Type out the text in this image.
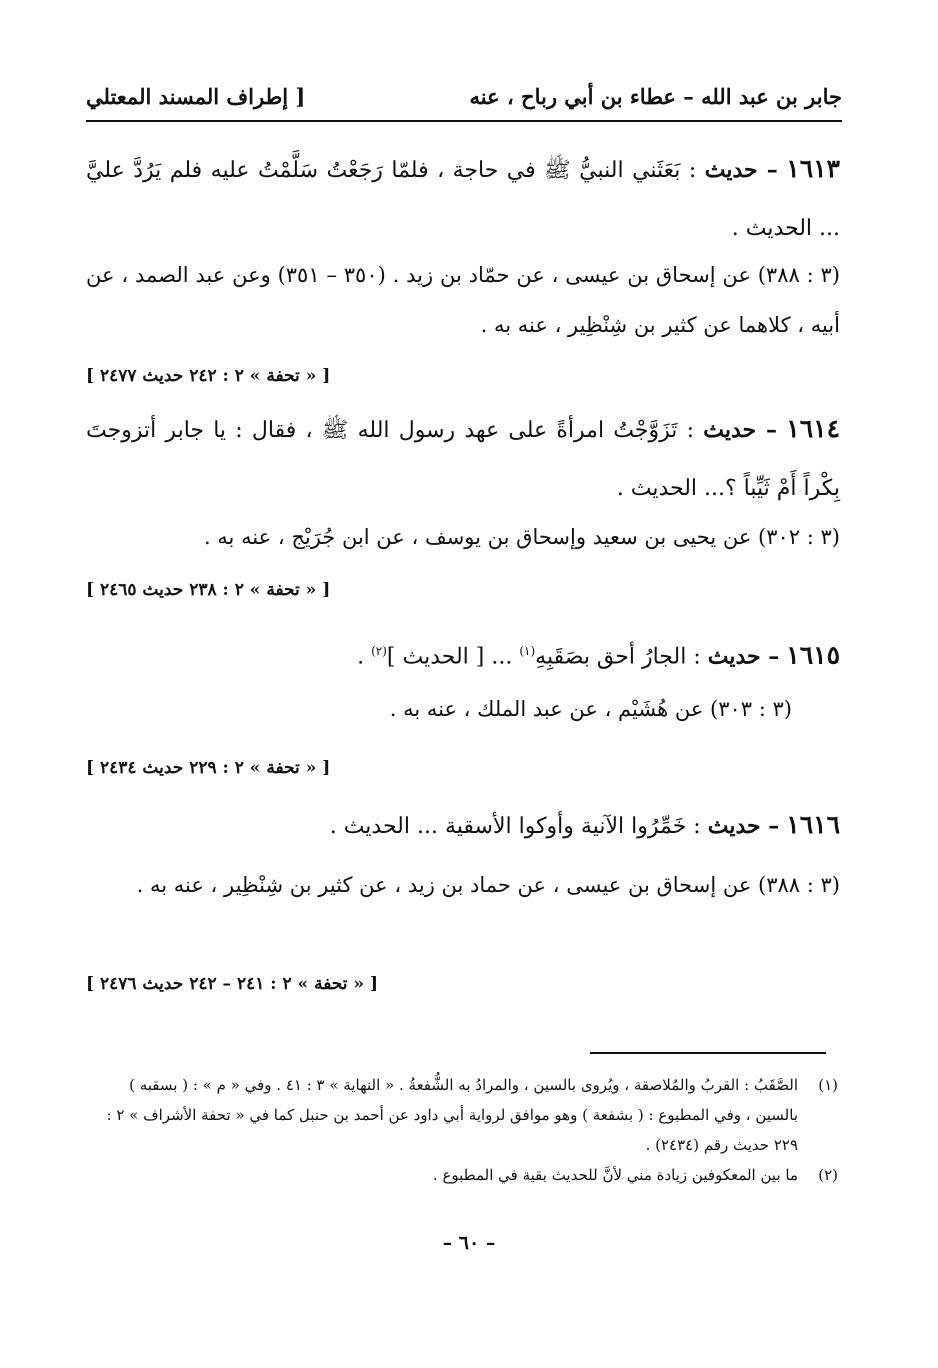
جابر بن عبد الله – عطاء بن أبي رباح ، عنه
[ إطراف المسند المعتلي
١٦١٣ – حديث : بَعَثَني النبيُّ ﷺ في حاجة ، فلمّا رَجَعْتُ سَلَّمْتُ عليه فلم يَرُدَّ عليَّ ... الحديث .
(٣ : ٣٨٨) عن إسحاق بن عيسى ، عن حمّاد بن زيد . (٣٥٠ – ٣٥١) وعن عبد الصمد ، عن أبيه ، كلاهما عن كثير بن شِنْظِير ، عنه به .
[ « تحفة » ٢ : ٢٤٢ حديث ٢٤٧٧ ]
١٦١٤ – حديث : تَزَوَّجْتُ امرأةً على عهد رسول الله ﷺ ، فقال : يا جابر أتزوجتَ بِكْراً أَمْ ثَيِّباً ؟... الحديث .
(٣ : ٣٠٢) عن يحيى بن سعيد وإسحاق بن يوسف ، عن ابن جُرَيْج ، عنه به .
[ « تحفة » ٢ : ٢٣٨ حديث ٢٤٦٥ ]
١٦١٥ – حديث : الجارُ أحق بصَقَبِهِ$^{(١)}$ ... [ الحديث ]$^{(٢)}$ .
(٣ : ٣٠٣) عن هُشَيْم ، عن عبد الملك ، عنه به .
[ « تحفة » ٢ : ٢٢٩ حديث ٢٤٣٤ ]
١٦١٦ – حديث : خَمِّرُوا الآنية وأوكوا الأسقية ... الحديث .
(٣ : ٣٨٨) عن إسحاق بن عيسى ، عن حماد بن زيد ، عن كثير بن شِنْظِير ، عنه به .
[ « تحفة » ٢ : ٢٤١ – ٢٤٢ حديث ٢٤٧٦ ]
(١)
الصَّقَبُ : القربُ والمُلاصقة ، ويُروى بالسين ، والمرادُ به الشُّفعةُ . « النهاية » ٣ : ٤١ . وفي « م » : ( بسقبه ) بالسين ، وفي المطبوع : ( بشفعة ) وهو موافق لرواية أبي داود عن أحمد بن حنبل كما في « تحفة الأشراف » ٢ : ٢٢٩ حديث رقم (٢٤٣٤) .
(٢)
ما بين المعكوفين زيادة مني لأنَّ للحديث بقية في المطبوع .
– ٦٠ –
